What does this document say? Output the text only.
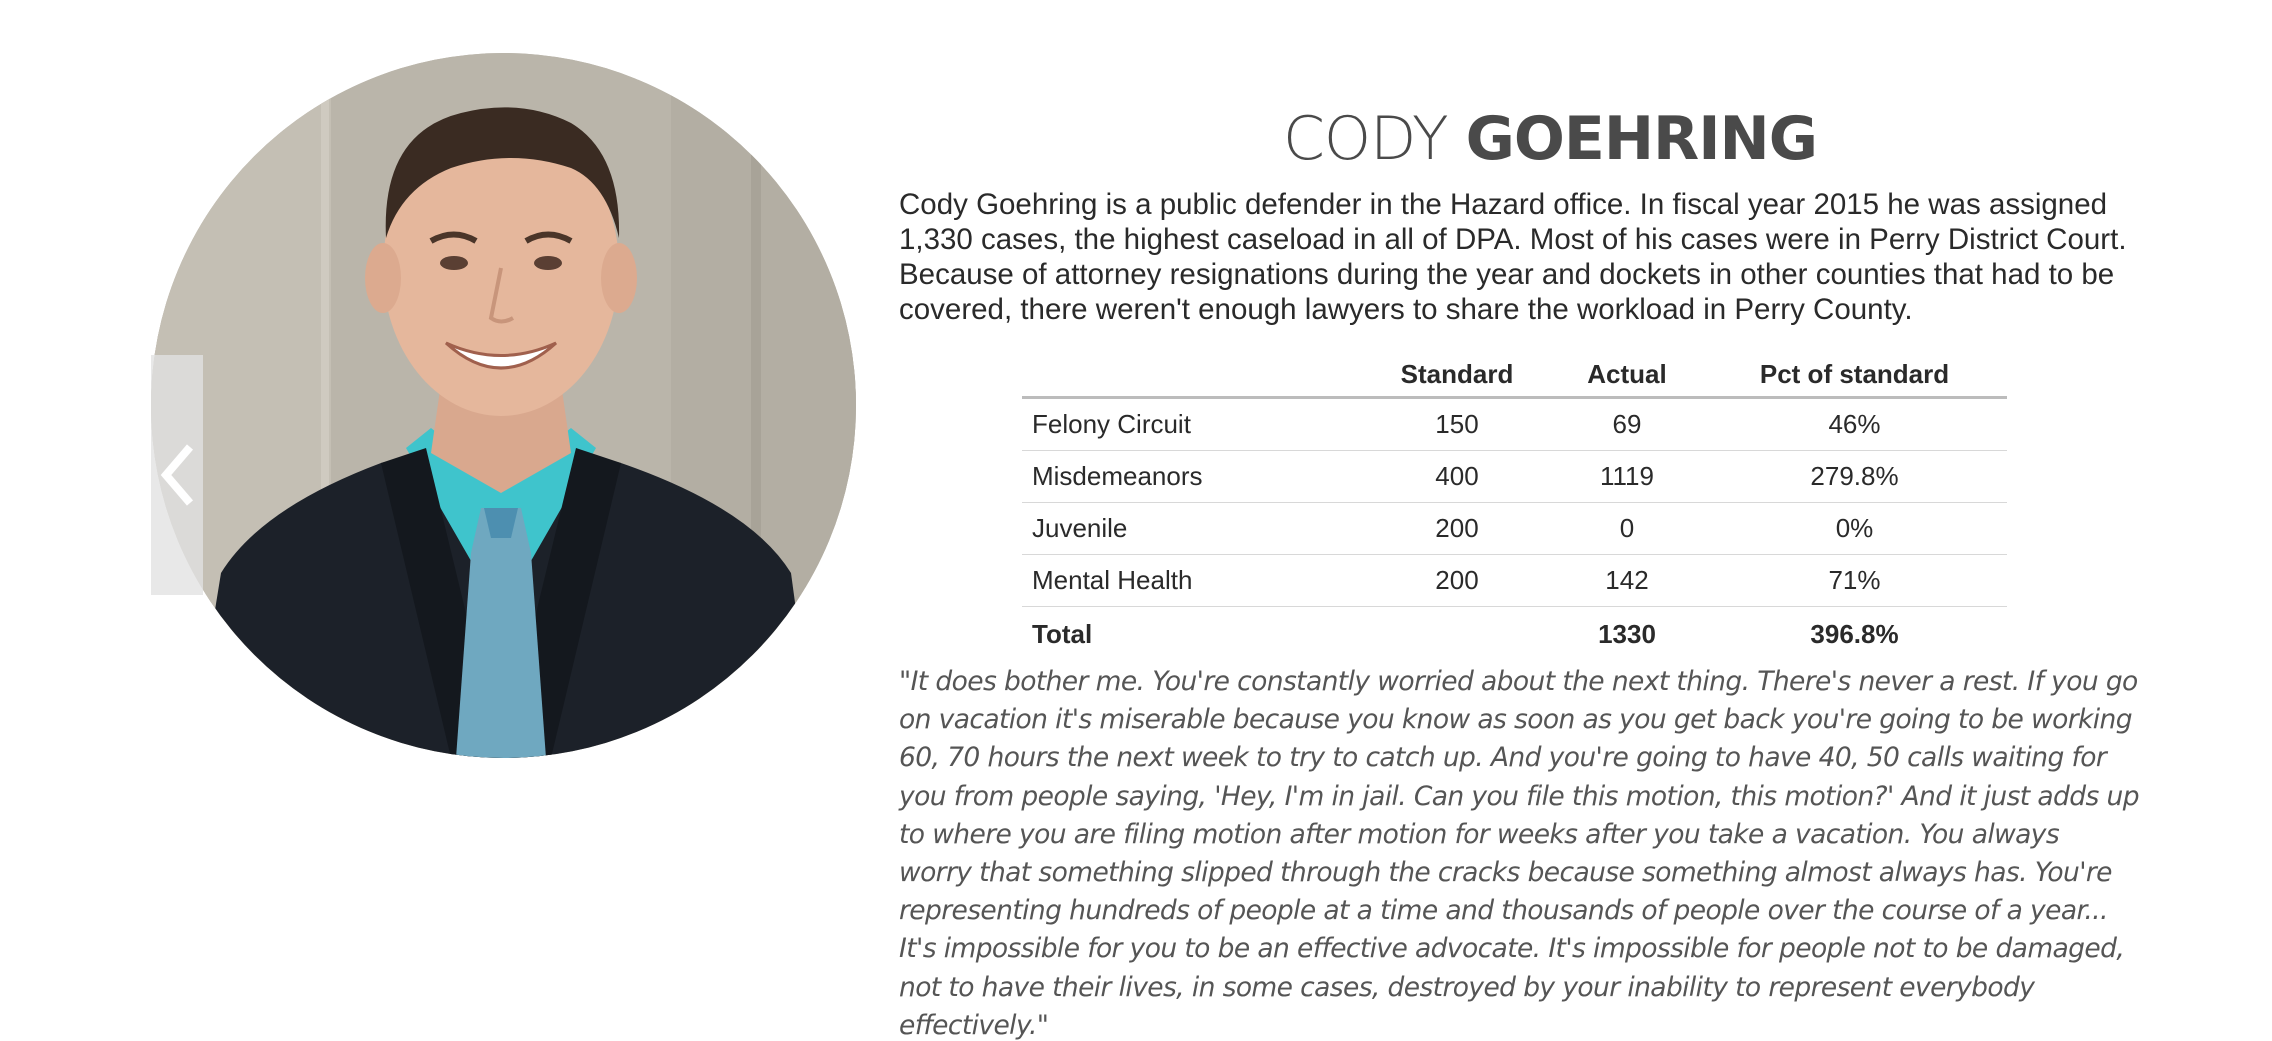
CODY GOEHRING
Cody Goehring is a public defender in the Hazard office. In fiscal year 2015 he was assigned 1,330 cases, the highest caseload in all of DPA. Most of his cases were in Perry District Court. Because of attorney resignations during the year and dockets in other counties that had to be covered, there weren't enough lawyers to share the workload in Perry County.
	Standard	Actual	Pct of standard
Felony Circuit	150	69	46%
Misdemeanors	400	1119	279.8%
Juvenile	200	0	0%
Mental Health	200	142	71%
Total		1330	396.8%
"It does bother me. You're constantly worried about the next thing. There's never a rest. If you go on vacation it's miserable because you know as soon as you get back you're going to be working 60, 70 hours the next week to try to catch up. And you're going to have 40, 50 calls waiting for you from people saying, 'Hey, I'm in jail. Can you file this motion, this motion?' And it just adds up to where you are filing motion after motion for weeks after you take a vacation. You always worry that something slipped through the cracks because something almost always has. You're representing hundreds of people at a time and thousands of people over the course of a year... It's impossible for you to be an effective advocate. It's impossible for people not to be damaged, not to have their lives, in some cases, destroyed by your inability to represent everybody effectively."
